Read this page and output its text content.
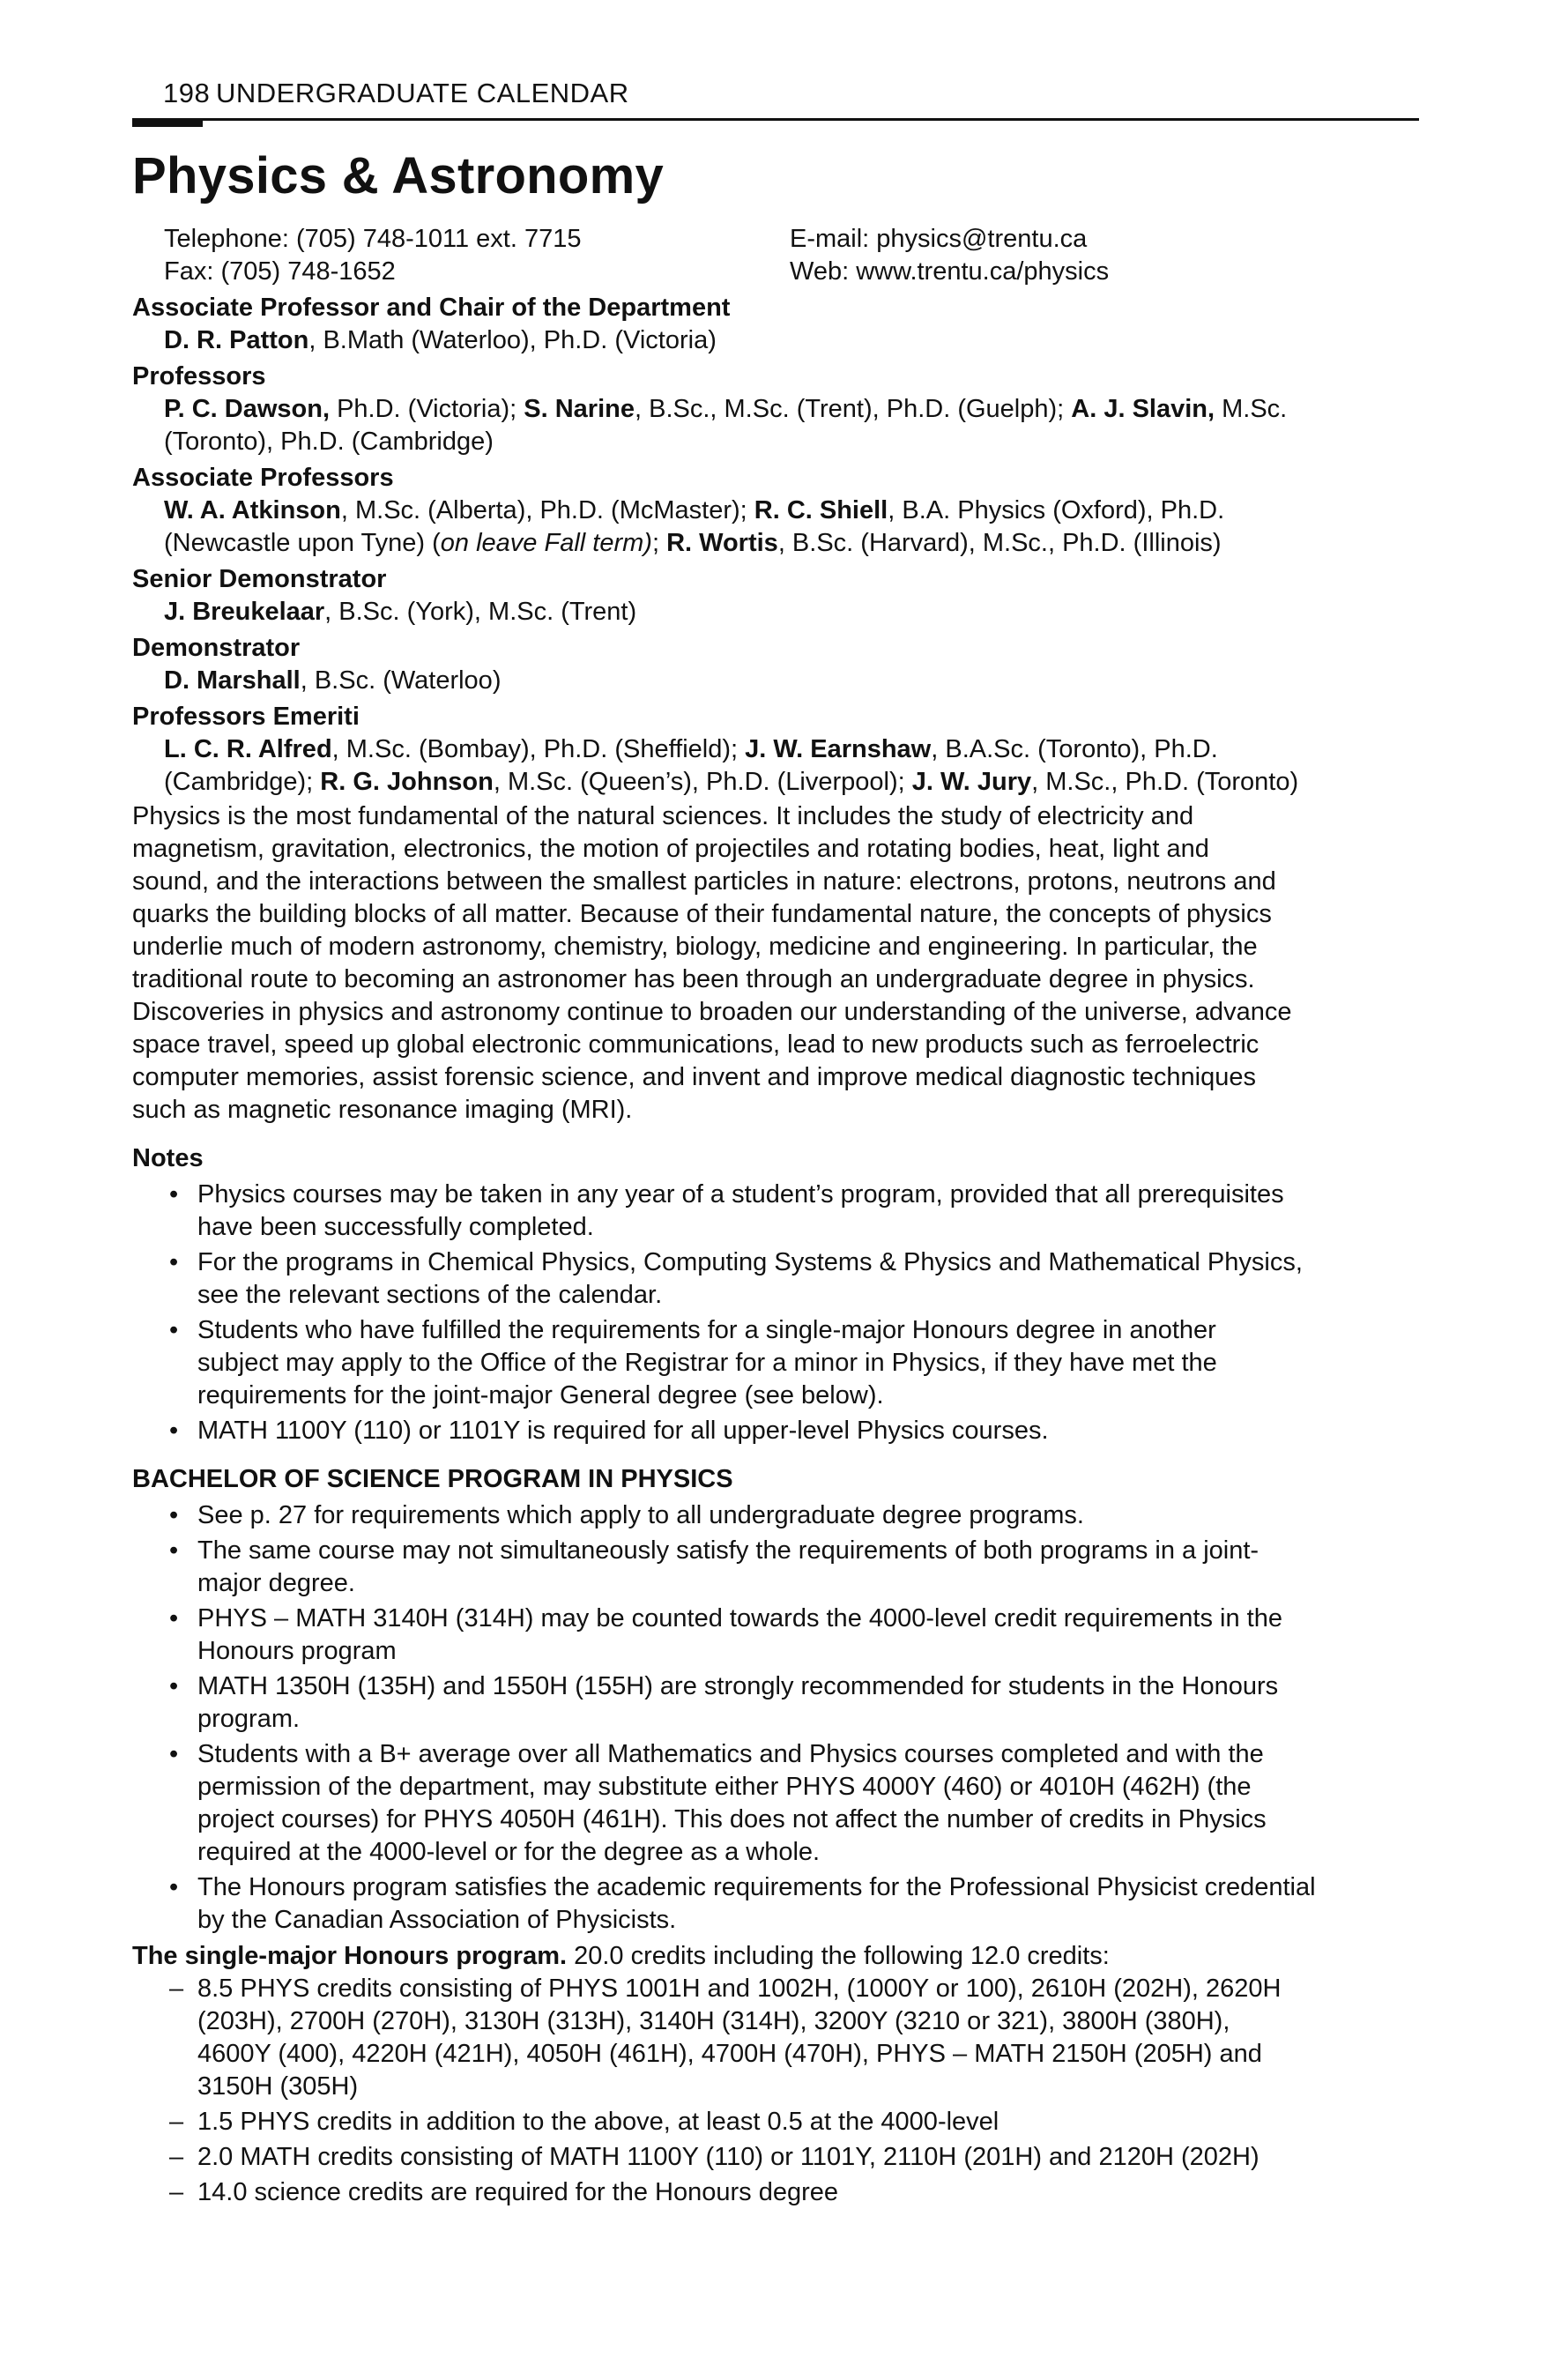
198 UNDERGRADUATE CALENDAR
Physics & Astronomy
Telephone: (705) 748-1011 ext. 7715	E-mail: physics@trentu.ca
Fax: (705) 748-1652	Web: www.trentu.ca/physics
Associate Professor and Chair of the Department
D. R. Patton, B.Math (Waterloo), Ph.D. (Victoria)
Professors
P. C. Dawson, Ph.D. (Victoria); S. Narine, B.Sc., M.Sc. (Trent), Ph.D. (Guelph); A. J. Slavin, M.Sc.
(Toronto), Ph.D. (Cambridge)
Associate Professors
W. A. Atkinson, M.Sc. (Alberta), Ph.D. (McMaster); R. C. Shiell, B.A. Physics (Oxford), Ph.D.
(Newcastle upon Tyne) (on leave Fall term); R. Wortis, B.Sc. (Harvard), M.Sc., Ph.D. (Illinois)
Senior Demonstrator
J. Breukelaar, B.Sc. (York), M.Sc. (Trent)
Demonstrator
D. Marshall, B.Sc. (Waterloo)
Professors Emeriti
L. C. R. Alfred, M.Sc. (Bombay), Ph.D. (Sheffield); J. W. Earnshaw, B.A.Sc. (Toronto), Ph.D.
(Cambridge); R. G. Johnson, M.Sc. (Queen’s), Ph.D. (Liverpool); J. W. Jury, M.Sc., Ph.D. (Toronto)
Physics is the most fundamental of the natural sciences. It includes the study of electricity and
magnetism, gravitation, electronics, the motion of projectiles and rotating bodies, heat, light and
sound, and the interactions between the smallest particles in nature: electrons, protons, neutrons and
quarks the building blocks of all matter. Because of their fundamental nature, the concepts of physics
underlie much of modern astronomy, chemistry, biology, medicine and engineering. In particular, the
traditional route to becoming an astronomer has been through an undergraduate degree in physics.
Discoveries in physics and astronomy continue to broaden our understanding of the universe, advance
space travel, speed up global electronic communications, lead to new products such as ferroelectric
computer memories, assist forensic science, and invent and improve medical diagnostic techniques
such as magnetic resonance imaging (MRI).
Notes
• Physics courses may be taken in any year of a student’s program, provided that all prerequisites
have been successfully completed.
• For the programs in Chemical Physics, Computing Systems & Physics and Mathematical Physics,
see the relevant sections of the calendar.
• Students who have fulfilled the requirements for a single-major Honours degree in another
subject may apply to the Office of the Registrar for a minor in Physics, if they have met the
requirements for the joint-major General degree (see below).
• MATH 1100Y (110) or 1101Y is required for all upper-level Physics courses.
BACHELOR OF SCIENCE PROGRAM IN PHYSICS
• See p. 27 for requirements which apply to all undergraduate degree programs.
• The same course may not simultaneously satisfy the requirements of both programs in a joint-
major degree.
• PHYS – MATH 3140H (314H) may be counted towards the 4000-level credit requirements in the
Honours program
• MATH 1350H (135H) and 1550H (155H) are strongly recommended for students in the Honours
program.
• Students with a B+ average over all Mathematics and Physics courses completed and with the
permission of the department, may substitute either PHYS 4000Y (460) or 4010H (462H) (the
project courses) for PHYS 4050H (461H). This does not affect the number of credits in Physics
required at the 4000-level or for the degree as a whole.
• The Honours program satisfies the academic requirements for the Professional Physicist credential
by the Canadian Association of Physicists.
The single-major Honours program. 20.0 credits including the following 12.0 credits:
– 8.5 PHYS credits consisting of PHYS 1001H and 1002H, (1000Y or 100), 2610H (202H), 2620H
(203H), 2700H (270H), 3130H (313H), 3140H (314H), 3200Y (3210 or 321), 3800H (380H),
4600Y (400), 4220H (421H), 4050H (461H), 4700H (470H), PHYS – MATH 2150H (205H) and
3150H (305H)
– 1.5 PHYS credits in addition to the above, at least 0.5 at the 4000-level
– 2.0 MATH credits consisting of MATH 1100Y (110) or 1101Y, 2110H (201H) and 2120H (202H)
– 14.0 science credits are required for the Honours degree
